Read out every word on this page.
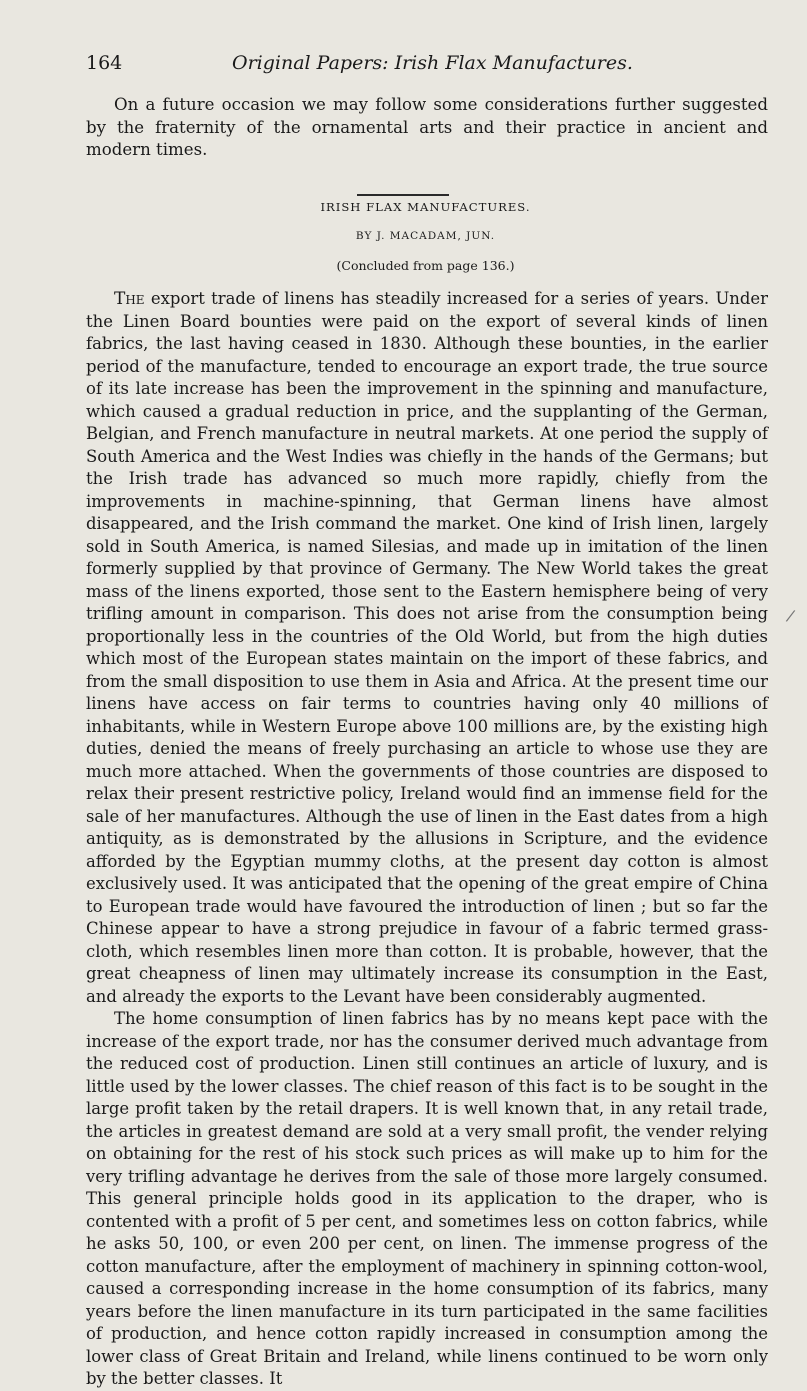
164	Original Papers: Irish Flax Manufactures.
On a future occasion we may follow some considerations further suggested by the fraternity of the ornamental arts and their practice in ancient and modern times.
IRISH FLAX MANUFACTURES.
BY J. MACADAM, JUN.
(Concluded from page 136.)

The export trade of linens has steadily increased for a series of years. Under the Linen Board bounties were paid on the export of several kinds of linen fabrics, the last having ceased in 1830. Although these bounties, in the earlier period of the manufacture, tended to encourage an export trade, the true source of its late increase has been the improvement in the spinning and manufacture, which caused a gradual reduction in price, and the supplanting of the German, Belgian, and French manufacture in neutral markets. At one period the supply of South America and the West Indies was chiefly in the hands of the Germans; but the Irish trade has advanced so much more rapidly, chiefly from the improvements in machine-spinning, that German linens have almost disappeared, and the Irish command the market. One kind of Irish linen, largely sold in South America, is named Silesias, and made up in imitation of the linen formerly supplied by that province of Germany. The New World takes the great mass of the linens exported, those sent to the Eastern hemisphere being of very trifling amount in comparison. This does not arise from the consumption being proportionally less in the countries of the Old World, but from the high duties which most of the European states maintain on the import of these fabrics, and from the small disposition to use them in Asia and Africa. At the present time our linens have access on fair terms to countries having only 40 millions of inhabitants, while in Western Europe above 100 millions are, by the existing high duties, denied the means of freely purchasing an article to whose use they are much more attached. When the governments of those countries are disposed to relax their present restrictive policy, Ireland would find an immense field for the sale of her manufactures. Although the use of linen in the East dates from a high antiquity, as is demonstrated by the allusions in Scripture, and the evidence afforded by the Egyptian mummy cloths, at the present day cotton is almost exclusively used. It was anticipated that the opening of the great empire of China to European trade would have favoured the introduction of linen ; but so far the Chinese appear to have a strong prejudice in favour of a fabric termed grass-cloth, which resembles linen more than cotton. It is probable, however, that the great cheapness of linen may ultimately increase its consumption in the East, and already the exports to the Levant have been considerably augmented.

The home consumption of linen fabrics has by no means kept pace with the increase of the export trade, nor has the consumer derived much advantage from the reduced cost of production. Linen still continues an article of luxury, and is little used by the lower classes. The chief reason of this fact is to be sought in the large profit taken by the retail drapers. It is well known that, in any retail trade, the articles in greatest demand are sold at a very small profit, the vender relying on obtaining for the rest of his stock such prices as will make up to him for the very trifling advantage he derives from the sale of those more largely consumed. This general principle holds good in its application to the draper, who is contented with a profit of 5 per cent, and sometimes less on cotton fabrics, while he asks 50, 100, or even 200 per cent, on linen. The immense progress of the cotton manufacture, after the employment of machinery in spinning cotton-wool, caused a corresponding increase in the home consumption of its fabrics, many years before the linen manufacture in its turn participated in the same facilities of production, and hence cotton rapidly increased in consumption among the lower class of Great Britain and Ireland, while linens continued to be worn only by the better classes. It

/
